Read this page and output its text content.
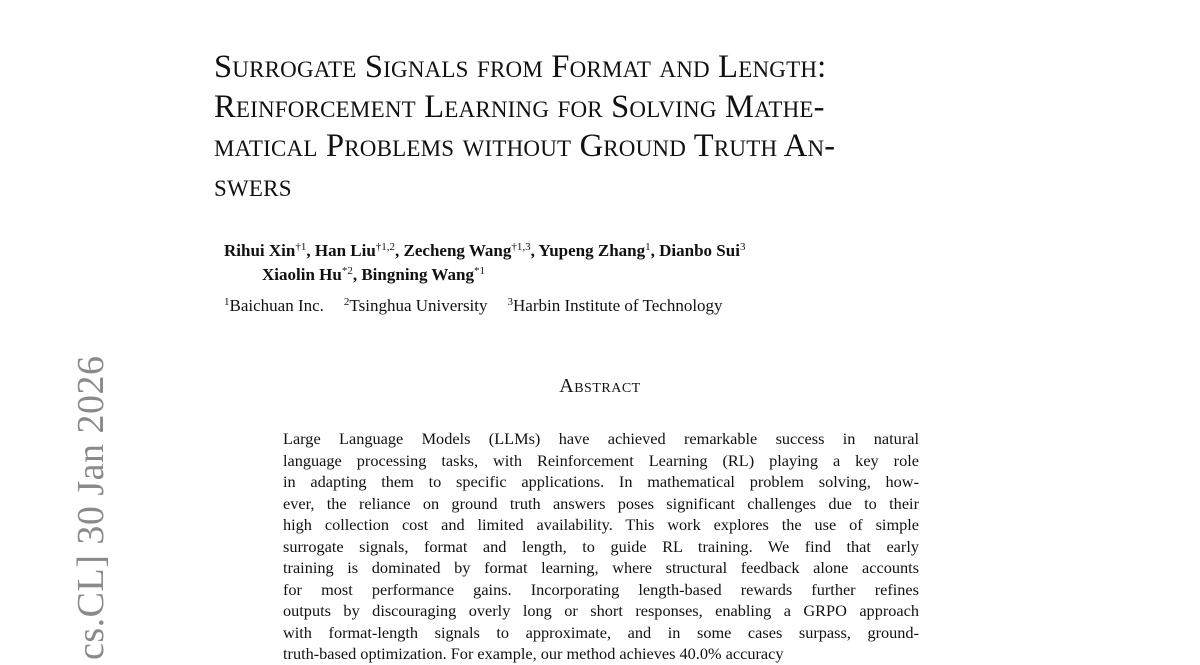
Surrogate Signals from Format and Length:
Reinforcement Learning for Solving Mathe-
matical Problems without Ground Truth An-
swers
Rihui Xin$^{\dagger 1}$, Han Liu$^{\dagger 1,2}$, Zecheng Wang$^{\dagger 1,3}$, Yupeng Zhang$^1$, Dianbo Sui$^3$
Xiaolin Hu$^{*2}$, Bingning Wang$^{*1}$
$^1$Baichuan Inc. $^2$Tsinghua University $^3$Harbin Institute of Technology
Abstract
Large Language Models (LLMs) have achieved remarkable success in natural
language processing tasks, with Reinforcement Learning (RL) playing a key role
in adapting them to specific applications. In mathematical problem solving, how-
ever, the reliance on ground truth answers poses significant challenges due to their
high collection cost and limited availability. This work explores the use of simple
surrogate signals, format and length, to guide RL training. We find that early
training is dominated by format learning, where structural feedback alone accounts
for most performance gains. Incorporating length-based rewards further refines
outputs by discouraging overly long or short responses, enabling a GRPO approach
with format-length signals to approximate, and in some cases surpass, ground-
truth-based optimization. For example, our method achieves 40.0% accuracy
cs.CL] 30 Jan 2026
